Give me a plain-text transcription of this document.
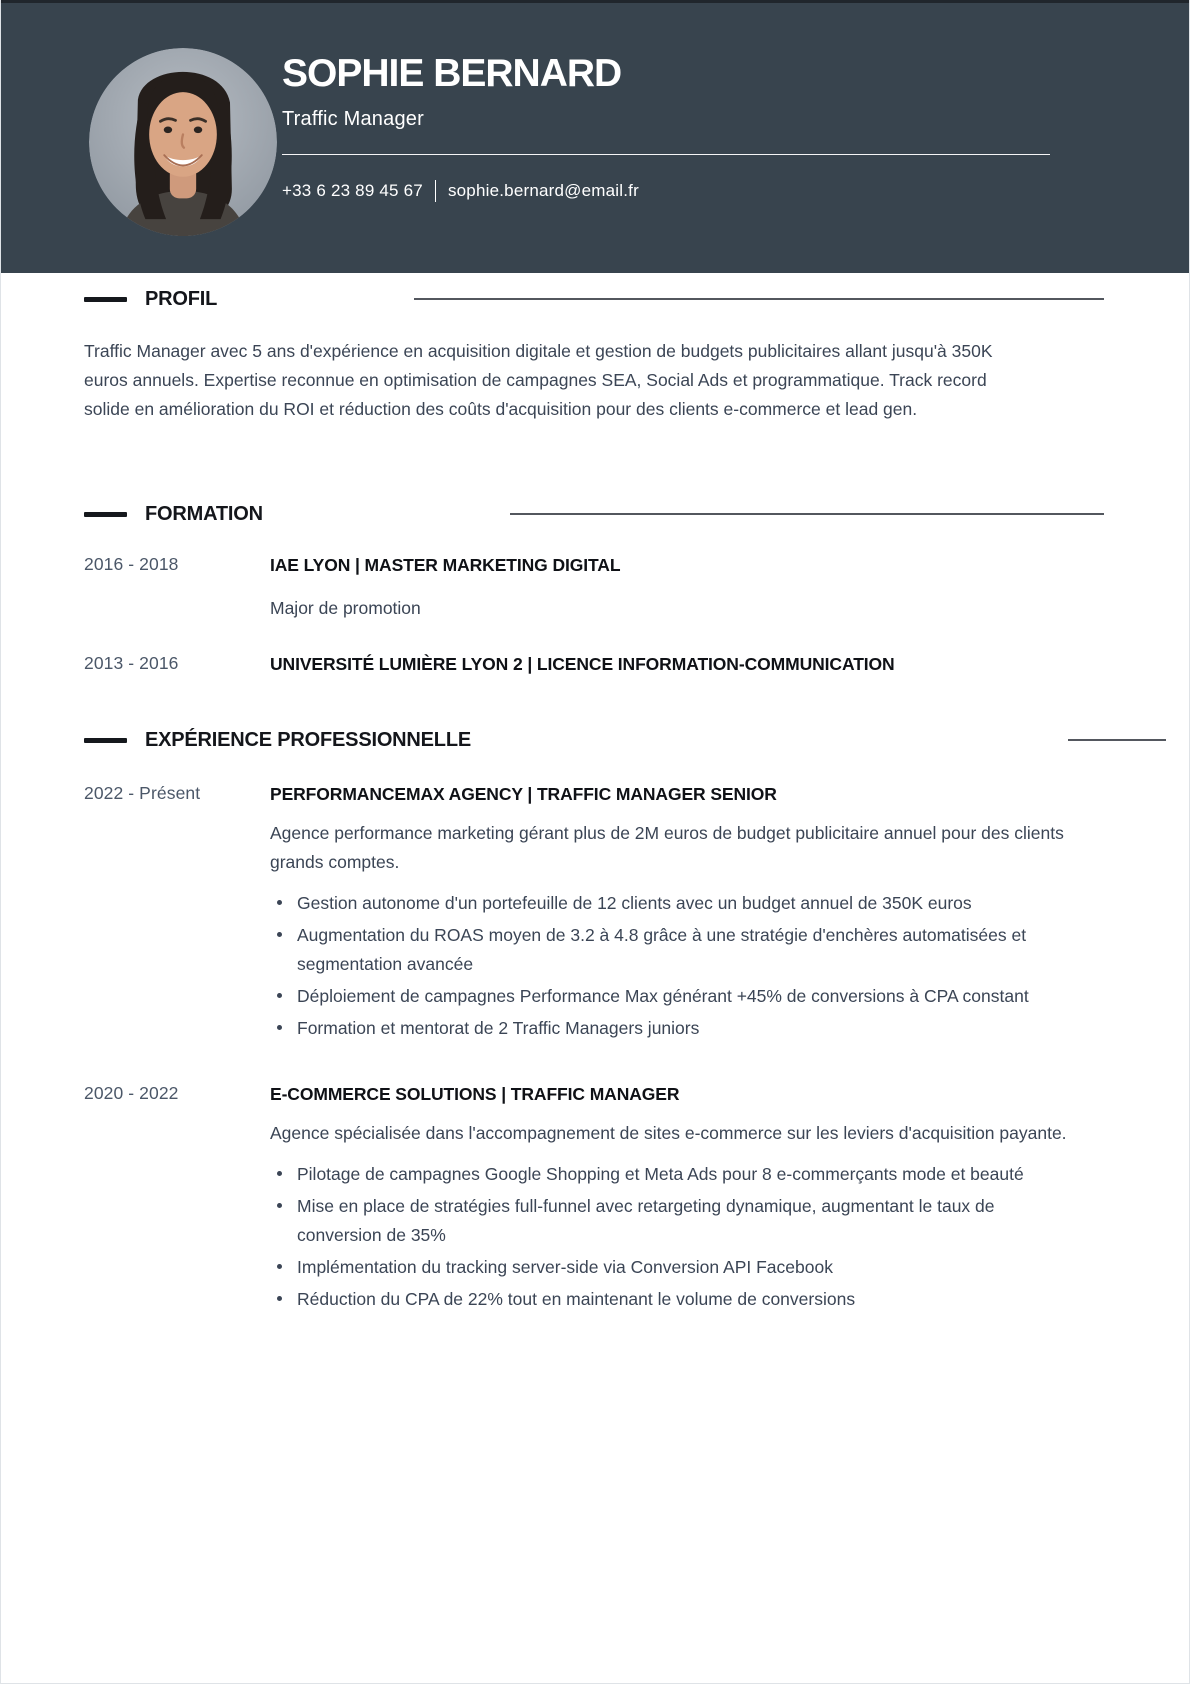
SOPHIE BERNARD
Traffic Manager
+33 6 23 89 45 67 sophie.bernard@email.fr
PROFIL

Traffic Manager avec 5 ans d'expérience en acquisition digitale et gestion de budgets publicitaires allant jusqu'à 350K euros annuels. Expertise reconnue en optimisation de campagnes SEA, Social Ads et programmatique. Track record solide en amélioration du ROI et réduction des coûts d'acquisition pour des clients e-commerce et lead gen.

FORMATION
2016 - 2018	IAE LYON | MASTER MARKETING DIGITAL
Major de promotion
2013 - 2016	UNIVERSITÉ LUMIÈRE LYON 2 | LICENCE INFORMATION-COMMUNICATION
EXPÉRIENCE PROFESSIONNELLE
2022 - Présent	PERFORMANCEMAX AGENCY | TRAFFIC MANAGER SENIOR

Agence performance marketing gérant plus de 2M euros de budget publicitaire annuel pour des clients grands comptes.

Gestion autonome d'un portefeuille de 12 clients avec un budget annuel de 350K euros
Augmentation du ROAS moyen de 3.2 à 4.8 grâce à une stratégie d'enchères automatisées et segmentation avancée
Déploiement de campagnes Performance Max générant +45% de conversions à CPA constant
Formation et mentorat de 2 Traffic Managers juniors
2020 - 2022	E-COMMERCE SOLUTIONS | TRAFFIC MANAGER

Agence spécialisée dans l'accompagnement de sites e-commerce sur les leviers d'acquisition payante.

Pilotage de campagnes Google Shopping et Meta Ads pour 8 e-commerçants mode et beauté
Mise en place de stratégies full-funnel avec retargeting dynamique, augmentant le taux de conversion de 35%
Implémentation du tracking server-side via Conversion API Facebook
Réduction du CPA de 22% tout en maintenant le volume de conversions
